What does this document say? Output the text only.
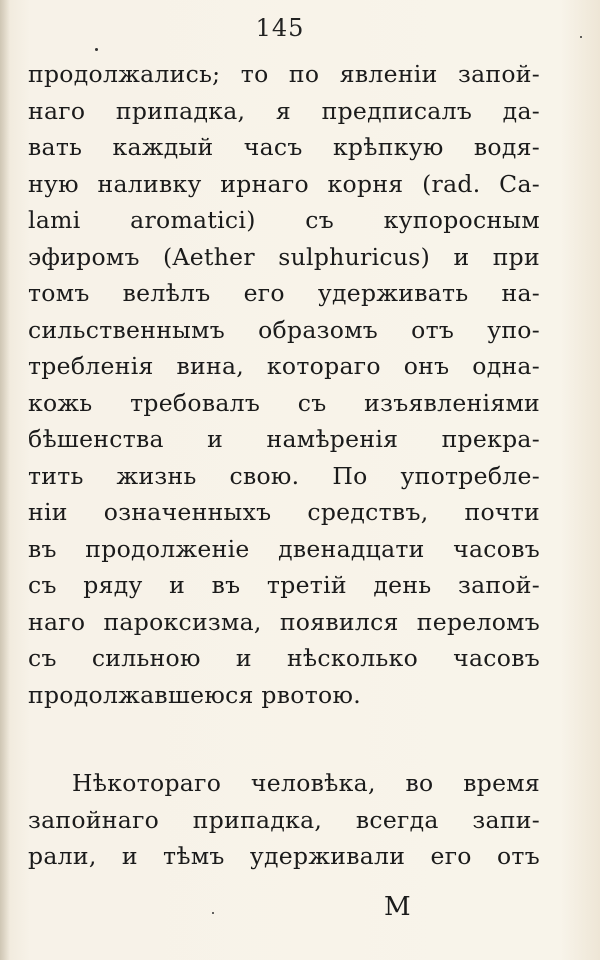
145
продолжались; то по явленіи запой-
наго припадка, я предписалъ да-
вать каждый часъ крѣпкую водя-
ную наливку ирнаго корня (rad. Ca-
lami aromatici) съ купоросным
эфиромъ (Aether sulphuricus) и при
томъ велѣлъ его удерживать на-
сильственнымъ образомъ отъ упо-
требленія вина, котораго онъ одна-
кожь требовалъ съ изъявленіями
бѣшенства и намѣренія прекра-
тить жизнь свою. По употребле-
ніи означенныхъ средствъ, почти
въ продолженіе двенадцати часовъ
съ ряду и въ третій день запой-
наго пароксизма, появился переломъ
съ сильною и нѣсколько часовъ
продолжавшеюся рвотою.
Нѣкотораго человѣка, во время
запойнаго припадка, всегда запи-
рали, и тѣмъ удерживали его отъ
M
